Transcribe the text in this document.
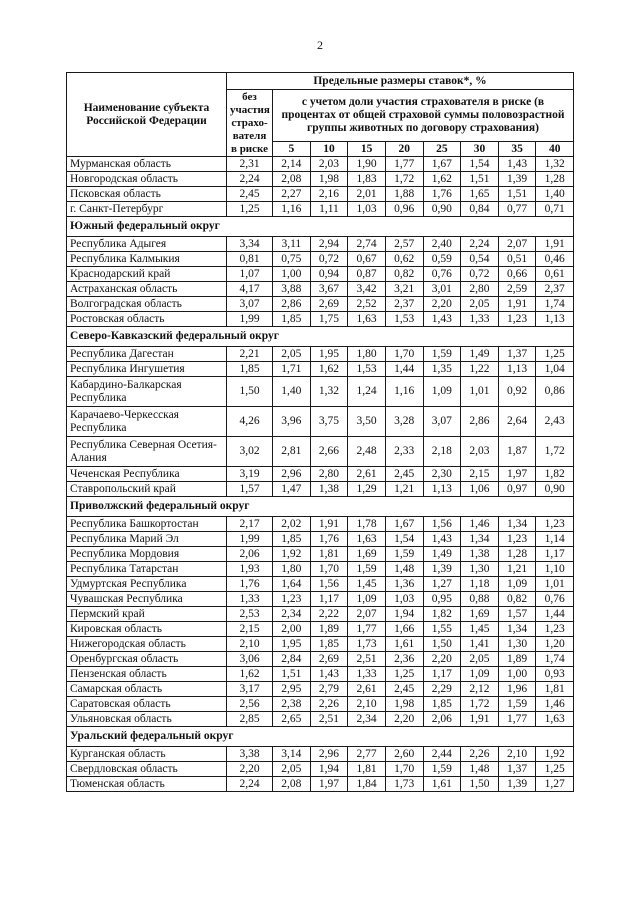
2
Наименование субъекта Российской Федерации	Предельные размеры ставок*, %								
	без участия страхо-вателя в риске	с учетом доли участия страхователя в риске (в процентах от общей страховой суммы половозрастной группы животных по договору страхования)							
		5	10	15	20	25	30	35	40
Мурманская область	2,31	2,14	2,03	1,90	1,77	1,67	1,54	1,43	1,32
Новгородская область	2,24	2,08	1,98	1,83	1,72	1,62	1,51	1,39	1,28
Псковская область	2,45	2,27	2,16	2,01	1,88	1,76	1,65	1,51	1,40
г. Санкт-Петербург	1,25	1,16	1,11	1,03	0,96	0,90	0,84	0,77	0,71
Южный федеральный округ									
Республика Адыгея	3,34	3,11	2,94	2,74	2,57	2,40	2,24	2,07	1,91
Республика Калмыкия	0,81	0,75	0,72	0,67	0,62	0,59	0,54	0,51	0,46
Краснодарский край	1,07	1,00	0,94	0,87	0,82	0,76	0,72	0,66	0,61
Астраханская область	4,17	3,88	3,67	3,42	3,21	3,01	2,80	2,59	2,37
Волгоградская область	3,07	2,86	2,69	2,52	2,37	2,20	2,05	1,91	1,74
Ростовская область	1,99	1,85	1,75	1,63	1,53	1,43	1,33	1,23	1,13
Северо-Кавказский федеральный округ									
Республика Дагестан	2,21	2,05	1,95	1,80	1,70	1,59	1,49	1,37	1,25
Республика Ингушетия	1,85	1,71	1,62	1,53	1,44	1,35	1,22	1,13	1,04
Кабардино-Балкарская Республика	1,50	1,40	1,32	1,24	1,16	1,09	1,01	0,92	0,86
Карачаево-Черкесская Республика	4,26	3,96	3,75	3,50	3,28	3,07	2,86	2,64	2,43
Республика Северная Осетия-Алания	3,02	2,81	2,66	2,48	2,33	2,18	2,03	1,87	1,72
Чеченская Республика	3,19	2,96	2,80	2,61	2,45	2,30	2,15	1,97	1,82
Ставропольский край	1,57	1,47	1,38	1,29	1,21	1,13	1,06	0,97	0,90
Приволжский федеральный округ									
Республика Башкортостан	2,17	2,02	1,91	1,78	1,67	1,56	1,46	1,34	1,23
Республика Марий Эл	1,99	1,85	1,76	1,63	1,54	1,43	1,34	1,23	1,14
Республика Мордовия	2,06	1,92	1,81	1,69	1,59	1,49	1,38	1,28	1,17
Республика Татарстан	1,93	1,80	1,70	1,59	1,48	1,39	1,30	1,21	1,10
Удмуртская Республика	1,76	1,64	1,56	1,45	1,36	1,27	1,18	1,09	1,01
Чувашская Республика	1,33	1,23	1,17	1,09	1,03	0,95	0,88	0,82	0,76
Пермский край	2,53	2,34	2,22	2,07	1,94	1,82	1,69	1,57	1,44
Кировская область	2,15	2,00	1,89	1,77	1,66	1,55	1,45	1,34	1,23
Нижегородская область	2,10	1,95	1,85	1,73	1,61	1,50	1,41	1,30	1,20
Оренбургская область	3,06	2,84	2,69	2,51	2,36	2,20	2,05	1,89	1,74
Пензенская область	1,62	1,51	1,43	1,33	1,25	1,17	1,09	1,00	0,93
Самарская область	3,17	2,95	2,79	2,61	2,45	2,29	2,12	1,96	1,81
Саратовская область	2,56	2,38	2,26	2,10	1,98	1,85	1,72	1,59	1,46
Ульяновская область	2,85	2,65	2,51	2,34	2,20	2,06	1,91	1,77	1,63
Уральский федеральный округ									
Курганская область	3,38	3,14	2,96	2,77	2,60	2,44	2,26	2,10	1,92
Свердловская область	2,20	2,05	1,94	1,81	1,70	1,59	1,48	1,37	1,25
Тюменская область	2,24	2,08	1,97	1,84	1,73	1,61	1,50	1,39	1,27
